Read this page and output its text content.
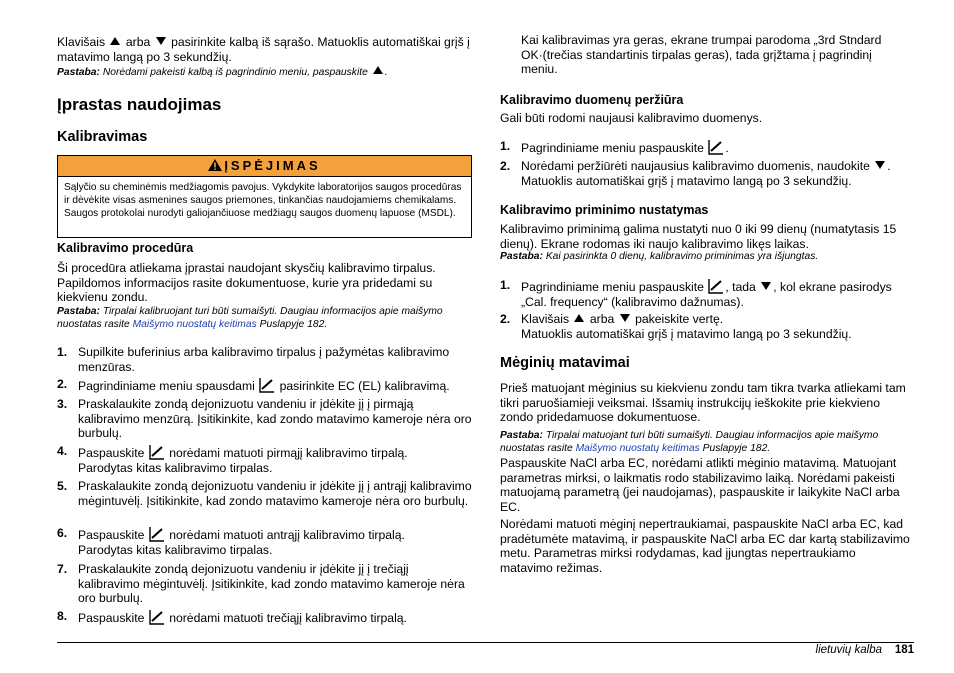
Klavišais arba pasirinkite kalbą iš sąrašo. Matuoklis automatiškai grįš į matavimo langą po 3 sekundžių.
Pastaba: Norėdami pakeisti kalbą iš pagrindinio meniu, paspauskite .
Įprastas naudojimas
Kalibravimas
ĮSPĖJIMAS
Sąlyčio su cheminėmis medžiagomis pavojus. Vykdykite laboratorijos saugos procedūras ir dėvėkite visas asmenines saugos priemones, tinkančias naudojamiems chemikalams. Saugos protokolai nurodyti galiojančiuose medžiagų saugos duomenų lapuose (MSDL).
Kalibravimo procedūra
Ši procedūra atliekama įprastai naudojant skysčių kalibravimo tirpalus. Papildomos informacijos rasite dokumentuose, kurie yra pridedami su kiekvienu zondu.
Pastaba: Tirpalai kalibruojant turi būti sumaišyti. Daugiau informacijos apie maišymo nuostatas rasite Maišymo nuostatų keitimas Puslapyje 182.
1. Supilkite buferinius arba kalibravimo tirpalus į pažymėtas kalibravimo menzūras.
2. Pagrindiniame meniu spausdami pasirinkite EC (EL) kalibravimą.
3. Praskalaukite zondą dejonizuotu vandeniu ir įdėkite jį į pirmąją kalibravimo menzūrą. Įsitikinkite, kad zondo matavimo kameroje nėra oro burbulų.
4. Paspauskite norėdami matuoti pirmąjį kalibravimo tirpalą.
Parodytas kitas kalibravimo tirpalas.
5. Praskalaukite zondą dejonizuotu vandeniu ir įdėkite jį į antrąjį kalibravimo mėgintuvėlį. Įsitikinkite, kad zondo matavimo kameroje nėra oro burbulų.
6. Paspauskite norėdami matuoti antrąjį kalibravimo tirpalą.
Parodytas kitas kalibravimo tirpalas.
7. Praskalaukite zondą dejonizuotu vandeniu ir įdėkite jį į trečiąjį kalibravimo mėgintuvėlį. Įsitikinkite, kad zondo matavimo kameroje nėra oro burbulų.
8. Paspauskite norėdami matuoti trečiąjį kalibravimo tirpalą.
Kai kalibravimas yra geras, ekrane trumpai parodoma „3rd Stndard OK·(trečias standartinis tirpalas geras), tada grįžtama į pagrindinį meniu.
Kalibravimo duomenų peržiūra
Gali būti rodomi naujausi kalibravimo duomenys.
1. Pagrindiniame meniu paspauskite .
2. Norėdami peržiūrėti naujausius kalibravimo duomenis, naudokite .
Matuoklis automatiškai grįš į matavimo langą po 3 sekundžių.
Kalibravimo priminimo nustatymas
Kalibravimo priminimą galima nustatyti nuo 0 iki 99 dienų (numatytasis 15 dienų). Ekrane rodomas iki naujo kalibravimo likęs laikas.
Pastaba: Kai pasirinkta 0 dienų, kalibravimo priminimas yra išjungtas.
1. Pagrindiniame meniu paspauskite , tada , kol ekrane pasirodys „Cal. frequency“ (kalibravimo dažnumas).
2. Klavišais arba pakeiskite vertę.
Matuoklis automatiškai grįš į matavimo langą po 3 sekundžių.
Mėginių matavimai
Prieš matuojant mėginius su kiekvienu zondu tam tikra tvarka atliekami tam tikri paruošiamieji veiksmai. Išsamių instrukcijų ieškokite prie kiekvieno zondo pridedamuose dokumentuose.
Pastaba: Tirpalai matuojant turi būti sumaišyti. Daugiau informacijos apie maišymo nuostatas rasite Maišymo nuostatų keitimas Puslapyje 182.
Paspauskite NaCl arba EC, norėdami atlikti mėginio matavimą. Matuojant parametras mirksi, o laikmatis rodo stabilizavimo laiką. Norėdami pakeisti matuojamą parametrą (jei naudojamas), paspauskite ir laikykite NaCl arba EC.
Norėdami matuoti mėginį nepertraukiamai, paspauskite NaCl arba EC, kad pradėtumėte matavimą, ir paspauskite NaCl arba EC dar kartą stabilizavimo metu. Parametras mirksi rodydamas, kad įjungtas nepertraukiamo matavimo režimas.
lietuvių kalba 181
